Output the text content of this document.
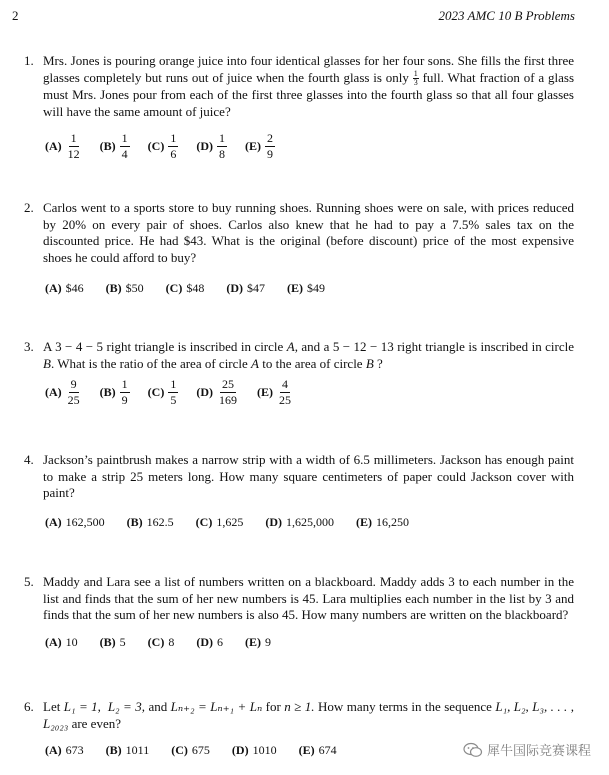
2	2023 AMC 10 B Problems
1. Mrs. Jones is pouring orange juice into four identical glasses for her four sons. She fills the first three glasses completely but runs out of juice when the fourth glass is only $\frac{1}{3}$ full. What fraction of a glass must Mrs. Jones pour from each of the first three glasses into the fourth glass so that all four glasses will have the same amount of juice?
$(A) \frac{1}{12} (B) \frac{1}{4} (C) \frac{1}{6} (D) \frac{1}{8} (E) \frac{2}{9}$
2. Carlos went to a sports store to buy running shoes. Running shoes were on sale, with prices reduced by 20% on every pair of shoes. Carlos also knew that he had to pay a 7.5% sales tax on the discounted price. He had $43. What is the original (before discount) price of the most expensive shoes he could afford to buy?
(A) $46 (B) $50 (C) $48 (D) $47 (E) $49
3. A 3 − 4 − 5 right triangle is inscribed in circle A, and a 5 − 12 − 13 right triangle is inscribed in circle B. What is the ratio of the area of circle A to the area of circle B ?
$(A) \frac{9}{25} (B) \frac{1}{9} (C) \frac{1}{5} (D) \frac{25}{169} (E) \frac{4}{25}$
4. Jackson’s paintbrush makes a narrow strip with a width of 6.5 millimeters. Jackson has enough paint to make a strip 25 meters long. How many square centimeters of paper could Jackson cover with paint?
(A) 162,500 (B) 162.5 (C) 1,625 (D) 1,625,000 (E) 16,250
5. Maddy and Lara see a list of numbers written on a blackboard. Maddy adds 3 to each number in the list and finds that the sum of her new numbers is 45. Lara multiplies each number in the list by 3 and finds that the sum of her new numbers is also 45. How many numbers are written on the blackboard?
(A) 10 (B) 5 (C) 8 (D) 6 (E) 9
6. Let L₁ = 1, L₂ = 3, and Lₙ₊₂ = Lₙ₊₁ + Lₙ for n ≥ 1. How many terms in the sequence L₁, L₂, L₃, . . . , L₂₀₂₃ are even?
(A) 673 (B) 1011 (C) 675 (D) 1010 (E) 674	犀牛国际竞赛课程
